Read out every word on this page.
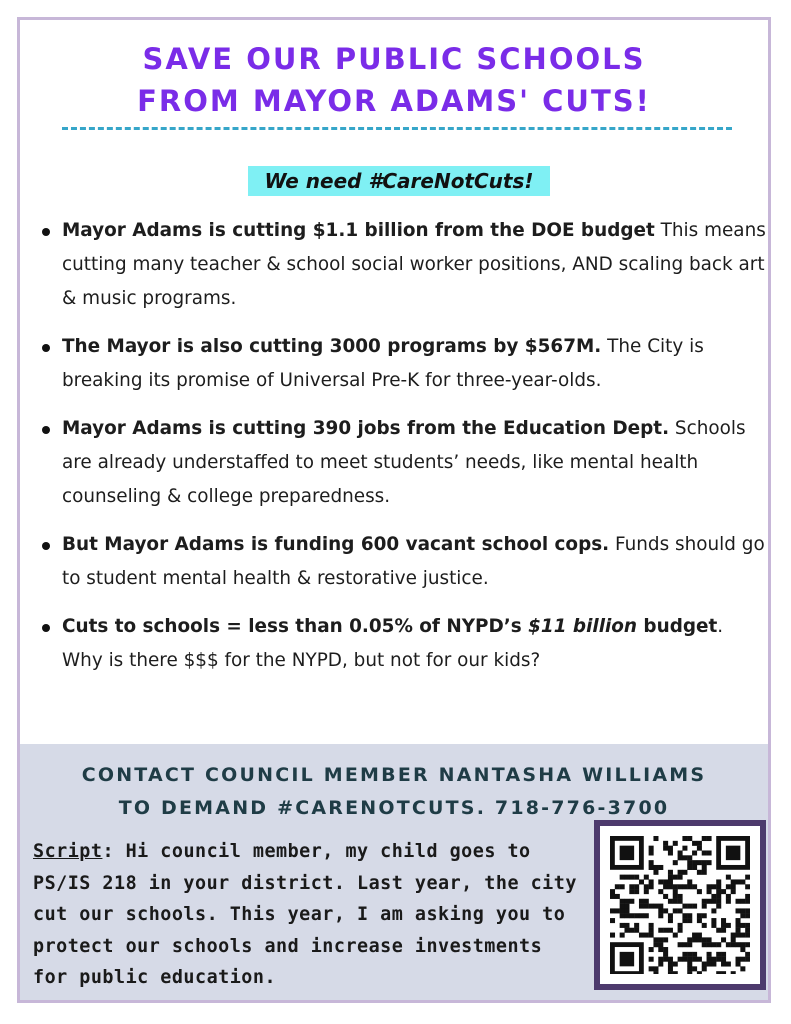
SAVE OUR PUBLIC SCHOOLS
FROM MAYOR ADAMS' CUTS!
We need #CareNotCuts!
Mayor Adams is cutting $1.1 billion from the DOE budget This means cutting many teacher & school social worker positions, AND scaling back art & music programs.
The Mayor is also cutting 3000 programs by $567M. The City is breaking its promise of Universal Pre-K for three-year-olds.
Mayor Adams is cutting 390 jobs from the Education Dept. Schools are already understaffed to meet students’ needs, like mental health counseling & college preparedness.
But Mayor Adams is funding 600 vacant school cops. Funds should go to student mental health & restorative justice.
Cuts to schools = less than 0.05% of NYPD’s $11 billion budget. Why is there $$$ for the NYPD, but not for our kids?
CONTACT COUNCIL MEMBER NANTASHA WILLIAMS
TO DEMAND #CARENOTCUTS. 718-776-3700
Script: Hi council member, my child goes to PS/IS 218 in your district. Last year, the city cut our schools. This year, I am asking you to protect our schools and increase investments for public education.
